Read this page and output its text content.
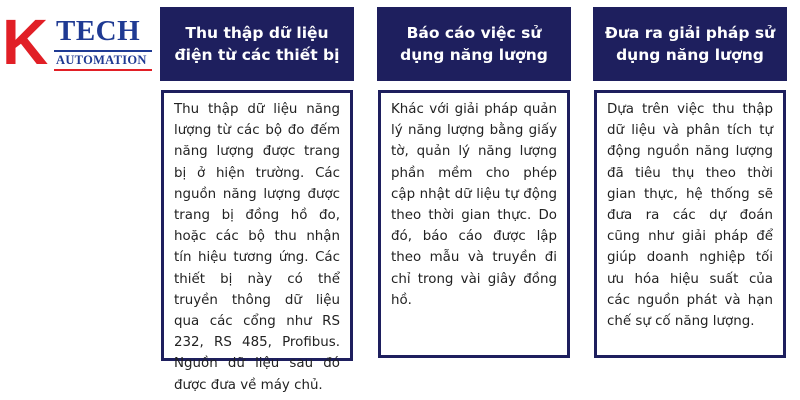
K TECH
AUTOMATION
Thu thập dữ liệu
điện từ các thiết bị

Thu thập dữ liệu năng lượng từ các bộ đo đếm năng lượng được trang bị ở hiện trường. Các nguồn năng lượng được trang bị đồng hồ đo, hoặc các bộ thu nhận tín hiệu tương ứng. Các thiết bị này có thể truyền thông dữ liệu qua các cổng như RS 232, RS 485, Profibus. Nguồn dữ liệu sau đó được đưa về máy chủ.

Báo cáo việc sử
dụng năng lượng

Khác với giải pháp quản lý năng lượng bằng giấy tờ, quản lý năng lượng phần mềm cho phép cập nhật dữ liệu tự động theo thời gian thực. Do đó, báo cáo được lập theo mẫu và truyền đi chỉ trong vài giây đồng hồ.

Đưa ra giải pháp sử
dụng năng lượng

Dựa trên việc thu thập dữ liệu và phân tích tự động nguồn năng lượng đã tiêu thụ theo thời gian thực, hệ thống sẽ đưa ra các dự đoán cũng như giải pháp để giúp doanh nghiệp tối ưu hóa hiệu suất của các nguồn phát và hạn chế sự cố năng lượng.
